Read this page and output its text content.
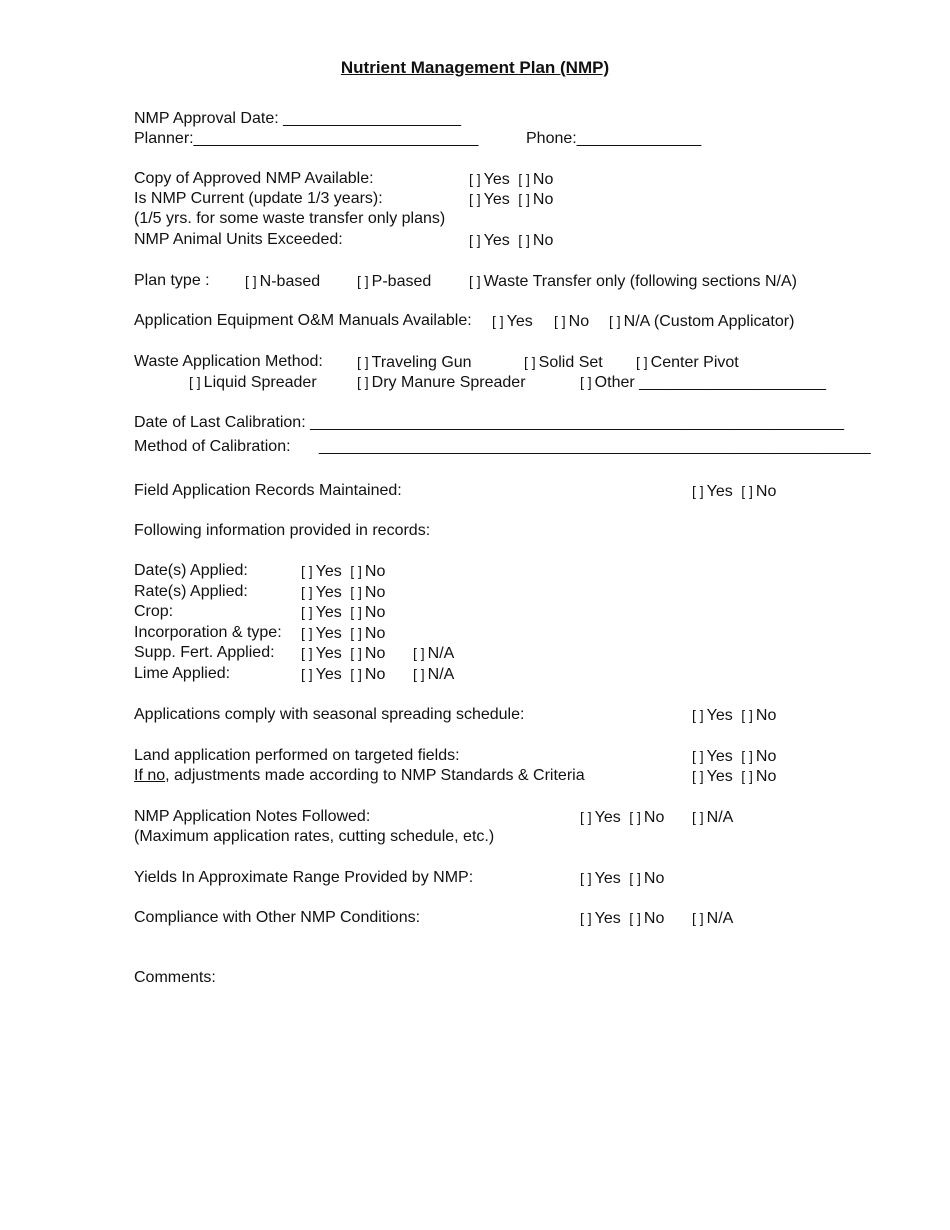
Nutrient Management Plan (NMP)
NMP Approval Date: ____________________
Planner:________________________________	Phone:______________
Copy of Approved NMP Available:	[ ] Yes [ ] No
Is NMP Current (update 1/3 years):	[ ] Yes [ ] No
(1/5 yrs. for some waste transfer only plans)
NMP Animal Units Exceeded:	[ ] Yes [ ] No
Plan type :	[ ] N-based	[ ] P-based	[ ] Waste Transfer only (following sections N/A)
Application Equipment O&M Manuals Available: [ ] Yes [ ] No [ ] N/A (Custom Applicator)
Waste Application Method: [ ] Traveling Gun	[ ] Solid Set [ ] Center Pivot
[ ] Liquid Spreader	[ ] Dry Manure Spreader	[ ] Other _____________________
Date of Last Calibration: ____________________________________________________________
Method of Calibration: ______________________________________________________________
Field Application Records Maintained:	[ ] Yes [ ] No
Following information provided in records:
Date(s) Applied:	[ ] Yes [ ] No
Rate(s) Applied:	[ ] Yes [ ] No
Crop:	[ ] Yes [ ] No
Incorporation & type: [ ] Yes [ ] No
Supp. Fert. Applied: [ ] Yes [ ] No [ ] N/A
Lime Applied:	[ ] Yes [ ] No [ ] N/A
Applications comply with seasonal spreading schedule:	[ ] Yes [ ] No
Land application performed on targeted fields:	[ ] Yes [ ] No
If no, adjustments made according to NMP Standards & Criteria	[ ] Yes [ ] No
NMP Application Notes Followed:	[ ] Yes [ ] No [ ] N/A
(Maximum application rates, cutting schedule, etc.)
Yields In Approximate Range Provided by NMP:	[ ] Yes [ ] No
Compliance with Other NMP Conditions:	[ ] Yes [ ] No [ ] N/A
Comments:
